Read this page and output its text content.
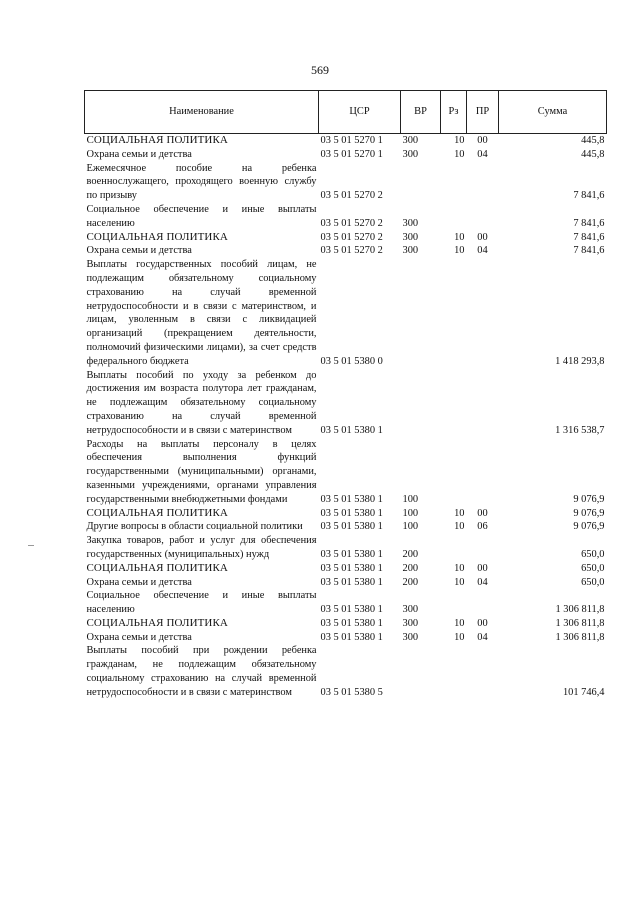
569
Наименование	ЦСР	ВР	Рз	ПР	Сумма
СОЦИАЛЬНАЯ ПОЛИТИКА	03 5 01 5270 1	300	10	00	445,8
Охрана семьи и детства	03 5 01 5270 1	300	10	04	445,8
Ежемесячное пособие на ребенка военнослужащего, проходящего военную службу по призыву	03 5 01 5270 2				7 841,6
Социальное обеспечение и иные выплаты населению	03 5 01 5270 2	300			7 841,6
СОЦИАЛЬНАЯ ПОЛИТИКА	03 5 01 5270 2	300	10	00	7 841,6
Охрана семьи и детства	03 5 01 5270 2	300	10	04	7 841,6
Выплаты государственных пособий лицам, не подлежащим обязательному социальному страхованию на случай временной нетрудоспособности и в связи с материнством, и лицам, уволенным в связи с ликвидацией организаций (прекращением деятельности, полномочий физическими лицами), за счет средств федерального бюджета	03 5 01 5380 0				1 418 293,8
Выплаты пособий по уходу за ребенком до достижения им возраста полутора лет гражданам, не подлежащим обязательному социальному страхованию на случай временной нетрудоспособности и в связи с материнством	03 5 01 5380 1				1 316 538,7
Расходы на выплаты персоналу в целях обеспечения выполнения функций государственными (муниципальными) органами, казенными учреждениями, органами управления государственными внебюджетными фондами	03 5 01 5380 1	100			9 076,9
СОЦИАЛЬНАЯ ПОЛИТИКА	03 5 01 5380 1	100	10	00	9 076,9
Другие вопросы в области социальной политики	03 5 01 5380 1	100	10	06	9 076,9
Закупка товаров, работ и услуг для обеспечения государственных (муниципальных) нужд	03 5 01 5380 1	200			650,0
СОЦИАЛЬНАЯ ПОЛИТИКА	03 5 01 5380 1	200	10	00	650,0
Охрана семьи и детства	03 5 01 5380 1	200	10	04	650,0
Социальное обеспечение и иные выплаты населению	03 5 01 5380 1	300			1 306 811,8
СОЦИАЛЬНАЯ ПОЛИТИКА	03 5 01 5380 1	300	10	00	1 306 811,8
Охрана семьи и детства	03 5 01 5380 1	300	10	04	1 306 811,8
Выплаты пособий при рождении ребенка гражданам, не подлежащим обязательному социальному страхованию на случай временной нетрудоспособности и в связи с материнством	03 5 01 5380 5				101 746,4
